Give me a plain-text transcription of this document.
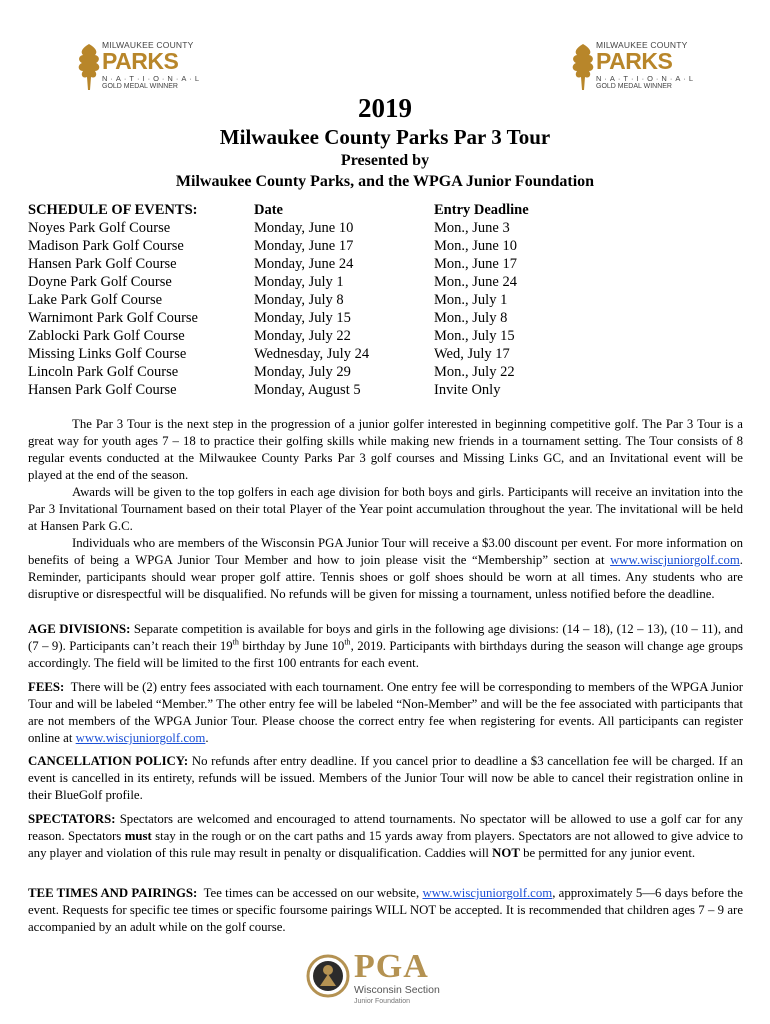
MILWAUKEE COUNTY
PARKS
N·A·T·I·O·N·A·L
GOLD MEDAL WINNER
MILWAUKEE COUNTY
PARKS
N·A·T·I·O·N·A·L
GOLD MEDAL WINNER
2019
Milwaukee County Parks Par 3 Tour
Presented by
Milwaukee County Parks, and the WPGA Junior Foundation
SCHEDULE OF EVENTS:	Date	Entry Deadline
Noyes Park Golf Course	Monday, June 10	Mon., June 3
Madison Park Golf Course	Monday, June 17	Mon., June 10
Hansen Park Golf Course	Monday, June 24	Mon., June 17
Doyne Park Golf Course	Monday, July 1	Mon., June 24
Lake Park Golf Course	Monday, July 8	Mon., July 1
Warnimont Park Golf Course	Monday, July 15	Mon., July 8
Zablocki Park Golf Course	Monday, July 22	Mon., July 15
Missing Links Golf Course	Wednesday, July 24	Wed, July 17
Lincoln Park Golf Course	Monday, July 29	Mon., July 22
Hansen Park Golf Course	Monday, August 5	Invite Only

The Par 3 Tour is the next step in the progression of a junior golfer interested in beginning competitive golf. The Par 3 Tour is a great way for youth ages 7 – 18 to practice their golfing skills while making new friends in a tournament setting. The Tour consists of 8 regular events conducted at the Milwaukee County Parks Par 3 golf courses and Missing Links GC, and an Invitational event will be played at the end of the season.

Awards will be given to the top golfers in each age division for both boys and girls. Participants will receive an invitation into the Par 3 Invitational Tournament based on their total Player of the Year point accumulation throughout the year. The invitational will be held at Hansen Park G.C.

Individuals who are members of the Wisconsin PGA Junior Tour will receive a $3.00 discount per event. For more information on benefits of being a WPGA Junior Tour Member and how to join please visit the “Membership” section at www.wiscjuniorgolf.com. Reminder, participants should wear proper golf attire. Tennis shoes or golf shoes should be worn at all times. Any students who are disruptive or disrespectful will be disqualified. No refunds will be given for missing a tournament, unless notified before the deadline.

AGE DIVISIONS: Separate competition is available for boys and girls in the following age divisions: (14 – 18), (12 – 13), (10 – 11), and (7 – 9). Participants can’t reach their 19th birthday by June 10th, 2019. Participants with birthdays during the season will change age groups accordingly. The field will be limited to the first 100 entrants for each event.

FEES: There will be (2) entry fees associated with each tournament. One entry fee will be corresponding to members of the WPGA Junior Tour and will be labeled “Member.” The other entry fee will be labeled “Non-Member” and will be the fee associated with participants that are not members of the WPGA Junior Tour. Please choose the correct entry fee when registering for events. All participants can register online at www.wiscjuniorgolf.com.

CANCELLATION POLICY: No refunds after entry deadline. If you cancel prior to deadline a $3 cancellation fee will be charged. If an event is cancelled in its entirety, refunds will be issued. Members of the Junior Tour will now be able to cancel their registration online in their BlueGolf profile.

SPECTATORS: Spectators are welcomed and encouraged to attend tournaments. No spectator will be allowed to use a golf car for any reason. Spectators must stay in the rough or on the cart paths and 15 yards away from players. Spectators are not allowed to give advice to any player and violation of this rule may result in penalty or disqualification. Caddies will NOT be permitted for any junior event.

TEE TIMES AND PAIRINGS: Tee times can be accessed on our website, www.wiscjuniorgolf.com, approximately 5—6 days before the event. Requests for specific tee times or specific foursome pairings WILL NOT be accepted. It is recommended that children ages 7 – 9 are accompanied by an adult while on the golf course.

PGA
Wisconsin Section
Junior Foundation
